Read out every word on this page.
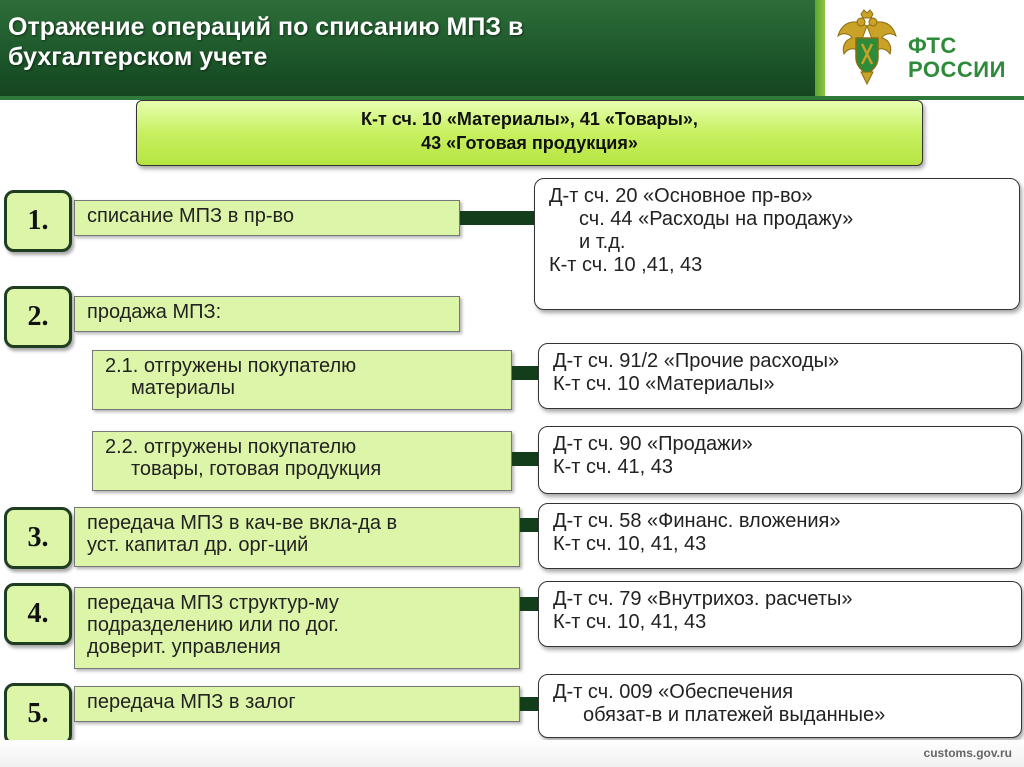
Отражение операций по списанию МПЗ в
бухгалтерском учете	ФТС
РОССИИ
К-т сч. 10 «Материалы», 41 «Товары»,
43 «Готовая продукция»
1.
2.
3.
4.
5.
списание МПЗ в пр-во
продажа МПЗ:
2.1. отгружены покупателю
материалы
2.2. отгружены покупателю
товары, готовая продукция
передача МПЗ в кач-ве вкла-да в
уст. капитал др. орг-ций
передача МПЗ структур-му
подразделению или по дог.
доверит. управления
передача МПЗ в залог
Д-т сч. 20 «Основное пр-во»
сч. 44 «Расходы на продажу»
и т.д.
К-т сч. 10 ,41, 43
Д-т сч. 91/2 «Прочие расходы»
К-т сч. 10 «Материалы»
Д-т сч. 90 «Продажи»
К-т сч. 41, 43
Д-т сч. 58 «Финанс. вложения»
К-т сч. 10, 41, 43
Д-т сч. 79 «Внутрихоз. расчеты»
К-т сч. 10, 41, 43
Д-т сч. 009 «Обеспечения
обязат-в и платежей выданные»
customs.gov.ru
